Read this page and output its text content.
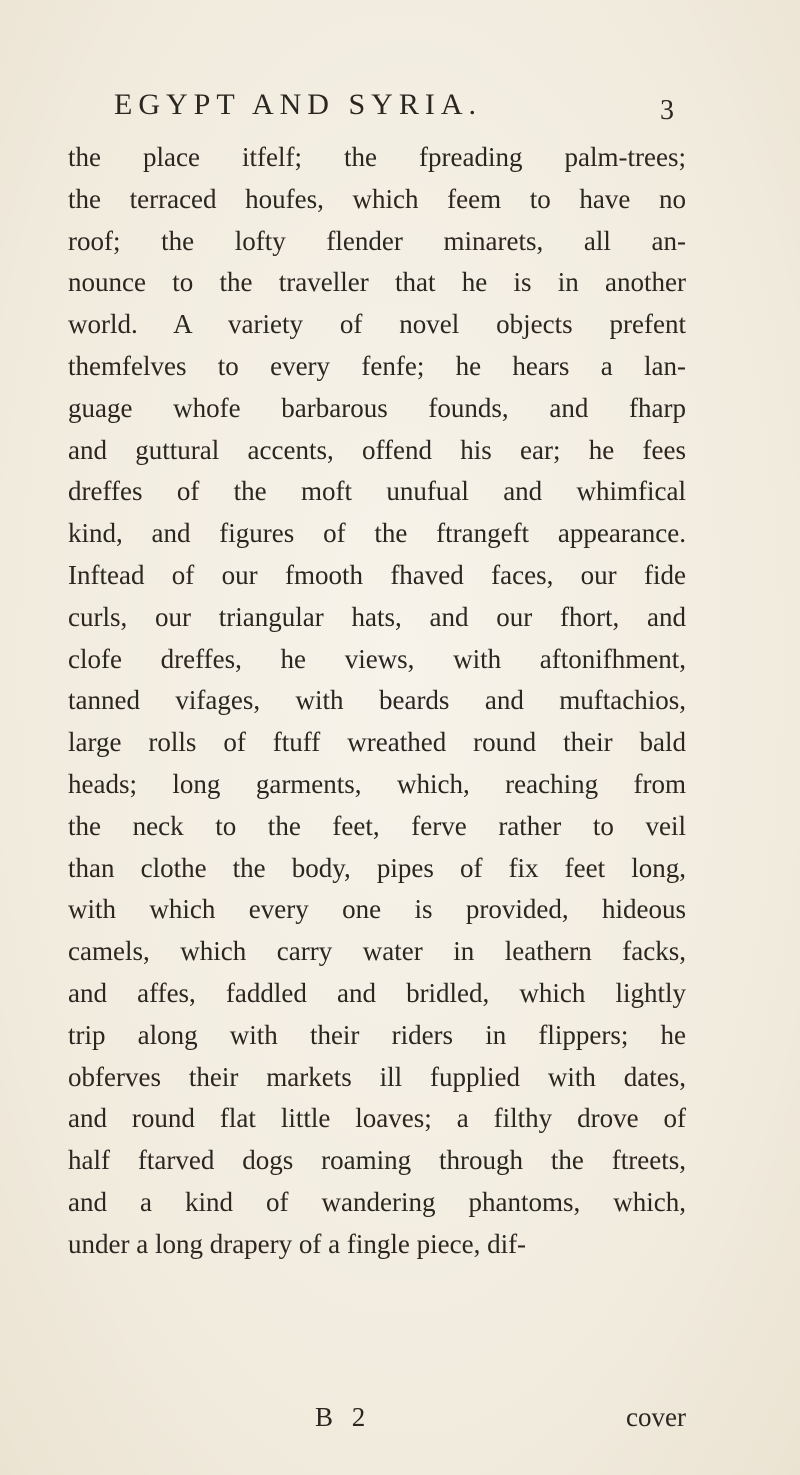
EGYPT AND SYRIA.	3
the place itfelf; the fpreading palm-trees;
the terraced houfes, which feem to have no
roof; the lofty flender minarets, all an-
nounce to the traveller that he is in another
world. A variety of novel objects prefent
themfelves to every fenfe; he hears a lan-
guage whofe barbarous founds, and fharp
and guttural accents, offend his ear; he fees
dreffes of the moft unufual and whimfical
kind, and figures of the ftrangeft appearance.
Inftead of our fmooth fhaved faces, our fide
curls, our triangular hats, and our fhort, and
clofe dreffes, he views, with aftonifhment,
tanned vifages, with beards and muftachios,
large rolls of ftuff wreathed round their bald
heads; long garments, which, reaching from
the neck to the feet, ferve rather to veil
than clothe the body, pipes of fix feet long,
with which every one is provided, hideous
camels, which carry water in leathern facks,
and affes, faddled and bridled, which lightly
trip along with their riders in flippers; he
obferves their markets ill fupplied with dates,
and round flat little loaves; a filthy drove of
half ftarved dogs roaming through the ftreets,
and a kind of wandering phantoms, which,
under a long drapery of a fingle piece, dif-
B 2	cover
